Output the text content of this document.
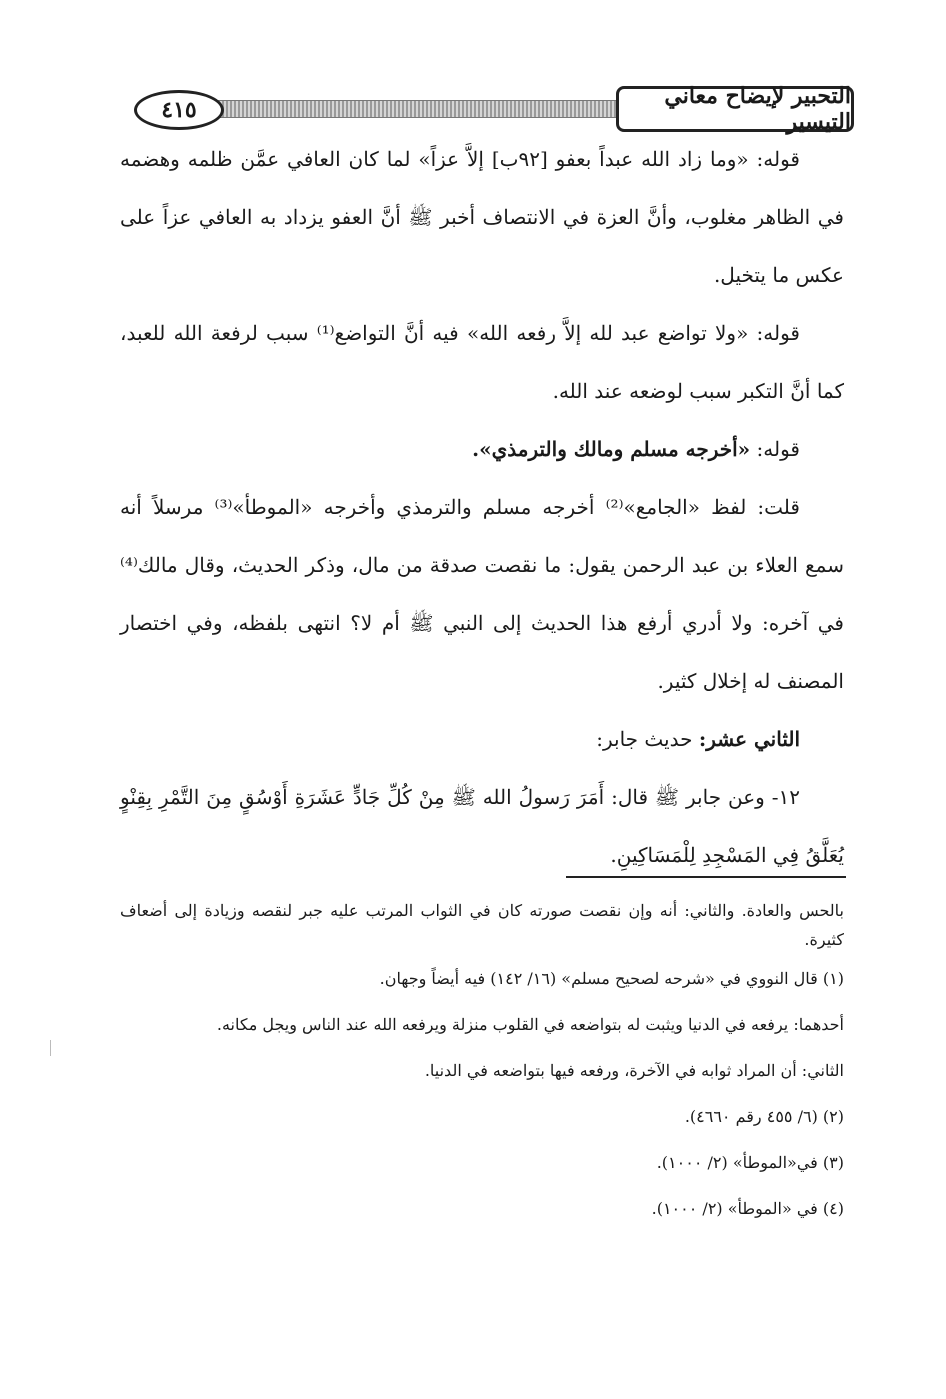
٤١٥
التحبير لإيضاح معاني التيسير

قوله: «وما زاد الله عبداً بعفو [٩٢ب] إلاَّ عزاً» لما كان العافي عمَّن ظلمه وهضمه في الظاهر مغلوب، وأنَّ العزة في الانتصاف أخبر ﷺ أنَّ العفو يزداد به العافي عزاً على عكس ما يتخيل.

قوله: «ولا تواضع عبد لله إلاَّ رفعه الله» فيه أنَّ التواضع⁽¹⁾ سبب لرفعة الله للعبد، كما أنَّ التكبر سبب لوضعه عند الله.

قوله: «أخرجه مسلم ومالك والترمذي».

قلت: لفظ «الجامع»⁽²⁾ أخرجه مسلم والترمذي وأخرجه «الموطأ»⁽³⁾ مرسلاً أنه سمع العلاء بن عبد الرحمن يقول: ما نقصت صدقة من مال، وذكر الحديث، وقال مالك⁽⁴⁾ في آخره: ولا أدري أرفع هذا الحديث إلى النبي ﷺ أم لا؟ انتهى بلفظه، وفي اختصار المصنف له إخلال كثير.

الثاني عشر: حديث جابر:

١٢- وعن جابر ﷺ قال: أَمَرَ رَسولُ الله ﷺ مِنْ كُلِّ جَادٍّ عَشَرَةِ أَوْسُقٍ مِنَ التَّمْرِ بِقِنْوٍ يُعَلَّقُ فِي المَسْجِدِ لِلْمَسَاكِينِ.

بالحس والعادة. والثاني: أنه وإن نقصت صورته كان في الثواب المرتب عليه جبر لنقصه وزيادة إلى أضعاف كثيرة.

(١) قال النووي في «شرحه لصحيح مسلم» (١٦/ ١٤٢) فيه أيضاً وجهان.

أحدهما: يرفعه في الدنيا ويثبت له بتواضعه في القلوب منزلة ويرفعه الله عند الناس ويجل مكانه.

الثاني: أن المراد ثوابه في الآخرة، ورفعه فيها بتواضعه في الدنيا.

(٢) (٦/ ٤٥٥ رقم ٤٦٦٠).

(٣) في«الموطأ» (٢/ ١٠٠٠).

(٤) في «الموطأ» (٢/ ١٠٠٠).
